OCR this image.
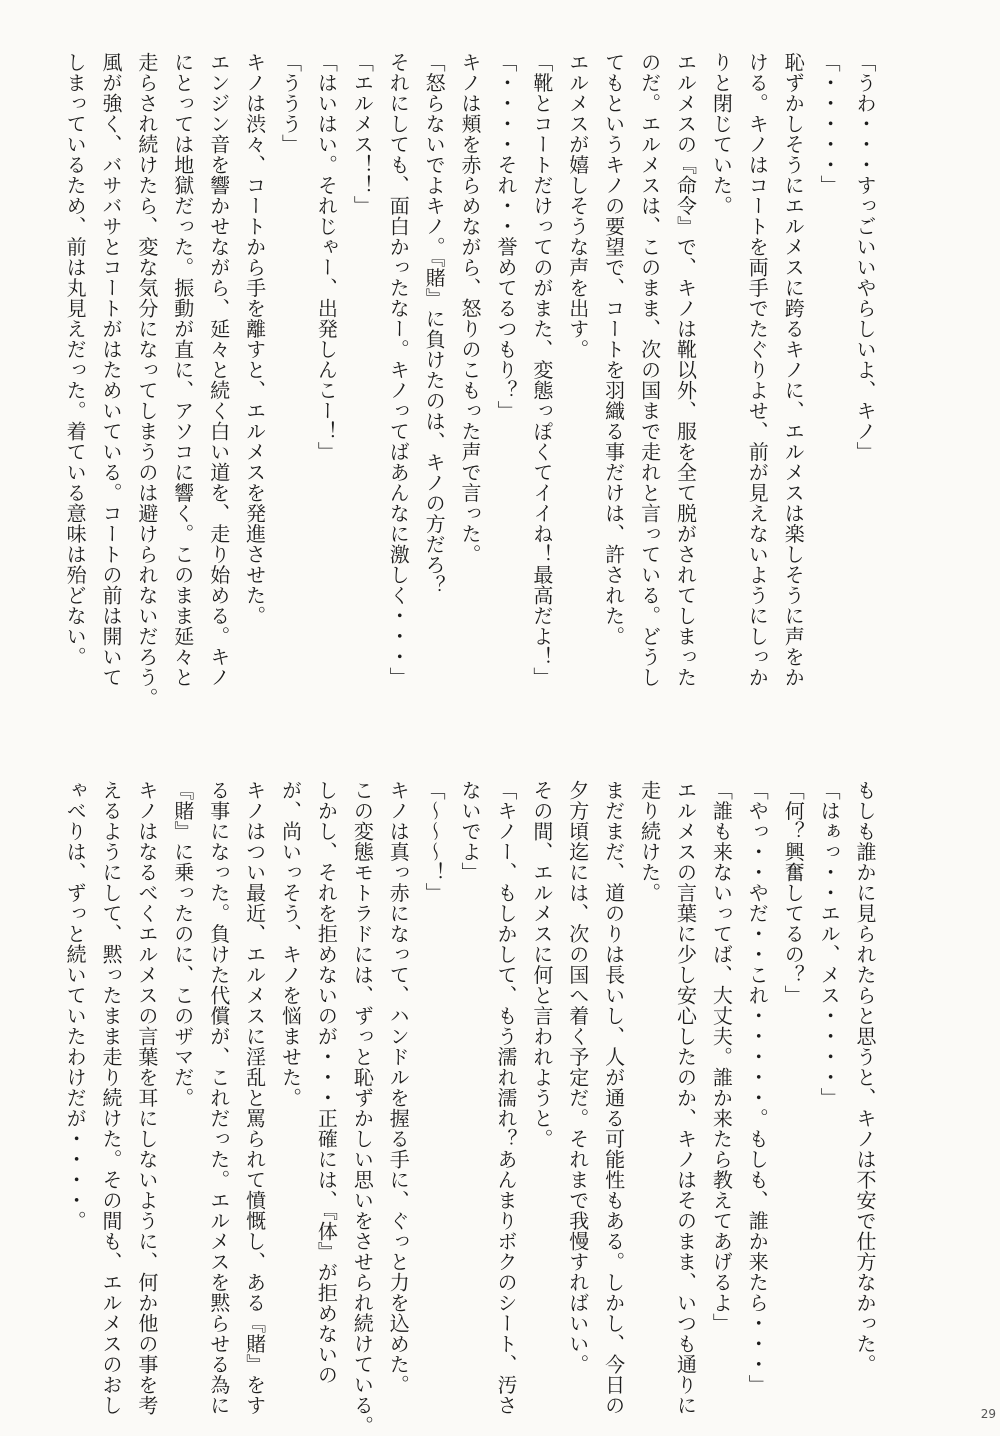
「うわ・・・すっごいいやらしいよ、キノ」

「・・・・・」

恥ずかしそうにエルメスに跨るキノに、エルメスは楽しそうに声をか

ける。キノはコートを両手でたぐりよせ、前が見えないようにしっか

りと閉じていた。

エルメスの『命令』で、キノは靴以外、服を全て脱がされてしまった

のだ。エルメスは、このまま、次の国まで走れと言っている。どうし

てもというキノの要望で、コートを羽織る事だけは、許された。

エルメスが嬉しそうな声を出す。

「靴とコートだけってのがまた、変態っぽくてイイね！最高だよ！」

「・・・・それ・・誉めてるつもり？」

キノは頬を赤らめながら、怒りのこもった声で言った。

「怒らないでよキノ。『賭』に負けたのは、キノの方だろ？

それにしても、面白かったなー。キノってばあんなに激しく・・・」

「エルメス！！」

「はいはい。それじゃー、出発しんこー！」

「ううう」

キノは渋々、コートから手を離すと、エルメスを発進させた。

エンジン音を響かせながら、延々と続く白い道を、走り始める。キノ

にとっては地獄だった。振動が直に、アソコに響く。このまま延々と

走らされ続けたら、変な気分になってしまうのは避けられないだろう。

風が強く、バサバサとコートがはためいている。コートの前は開いて

しまっているため、前は丸見えだった。着ている意味は殆どない。

もしも誰かに見られたらと思うと、キノは不安で仕方なかった。

「はぁっ・・エル、メス・・・・」

「何？興奮してるの？」

「やっ・・やだ・・これ・・・・・。もしも、誰か来たら・・・」

「誰も来ないってば、大丈夫。誰か来たら教えてあげるよ」

エルメスの言葉に少し安心したのか、キノはそのまま、いつも通りに

走り続けた。

まだまだ、道のりは長いし、人が通る可能性もある。しかし、今日の

夕方頃迄には、次の国へ着く予定だ。それまで我慢すればいい。

その間、エルメスに何と言われようと。

「キノー、もしかして、もう濡れ濡れ？あんまりボクのシート、汚さ

ないでよ」

「～～～！」

キノは真っ赤になって、ハンドルを握る手に、ぐっと力を込めた。

この変態モトラドには、ずっと恥ずかしい思いをさせられ続けている。

しかし、それを拒めないのが・・・正確には、『体』が拒めないの

が、尚いっそう、キノを悩ませた。

キノはつい最近、エルメスに淫乱と罵られて憤慨し、ある『賭』をす

る事になった。負けた代償が、これだった。エルメスを黙らせる為に

『賭』に乗ったのに、このザマだ。

キノはなるべくエルメスの言葉を耳にしないように、何か他の事を考

えるようにして、黙ったまま走り続けた。その間も、エルメスのおし

ゃべりは、ずっと続いていたわけだが・・・・。

29
